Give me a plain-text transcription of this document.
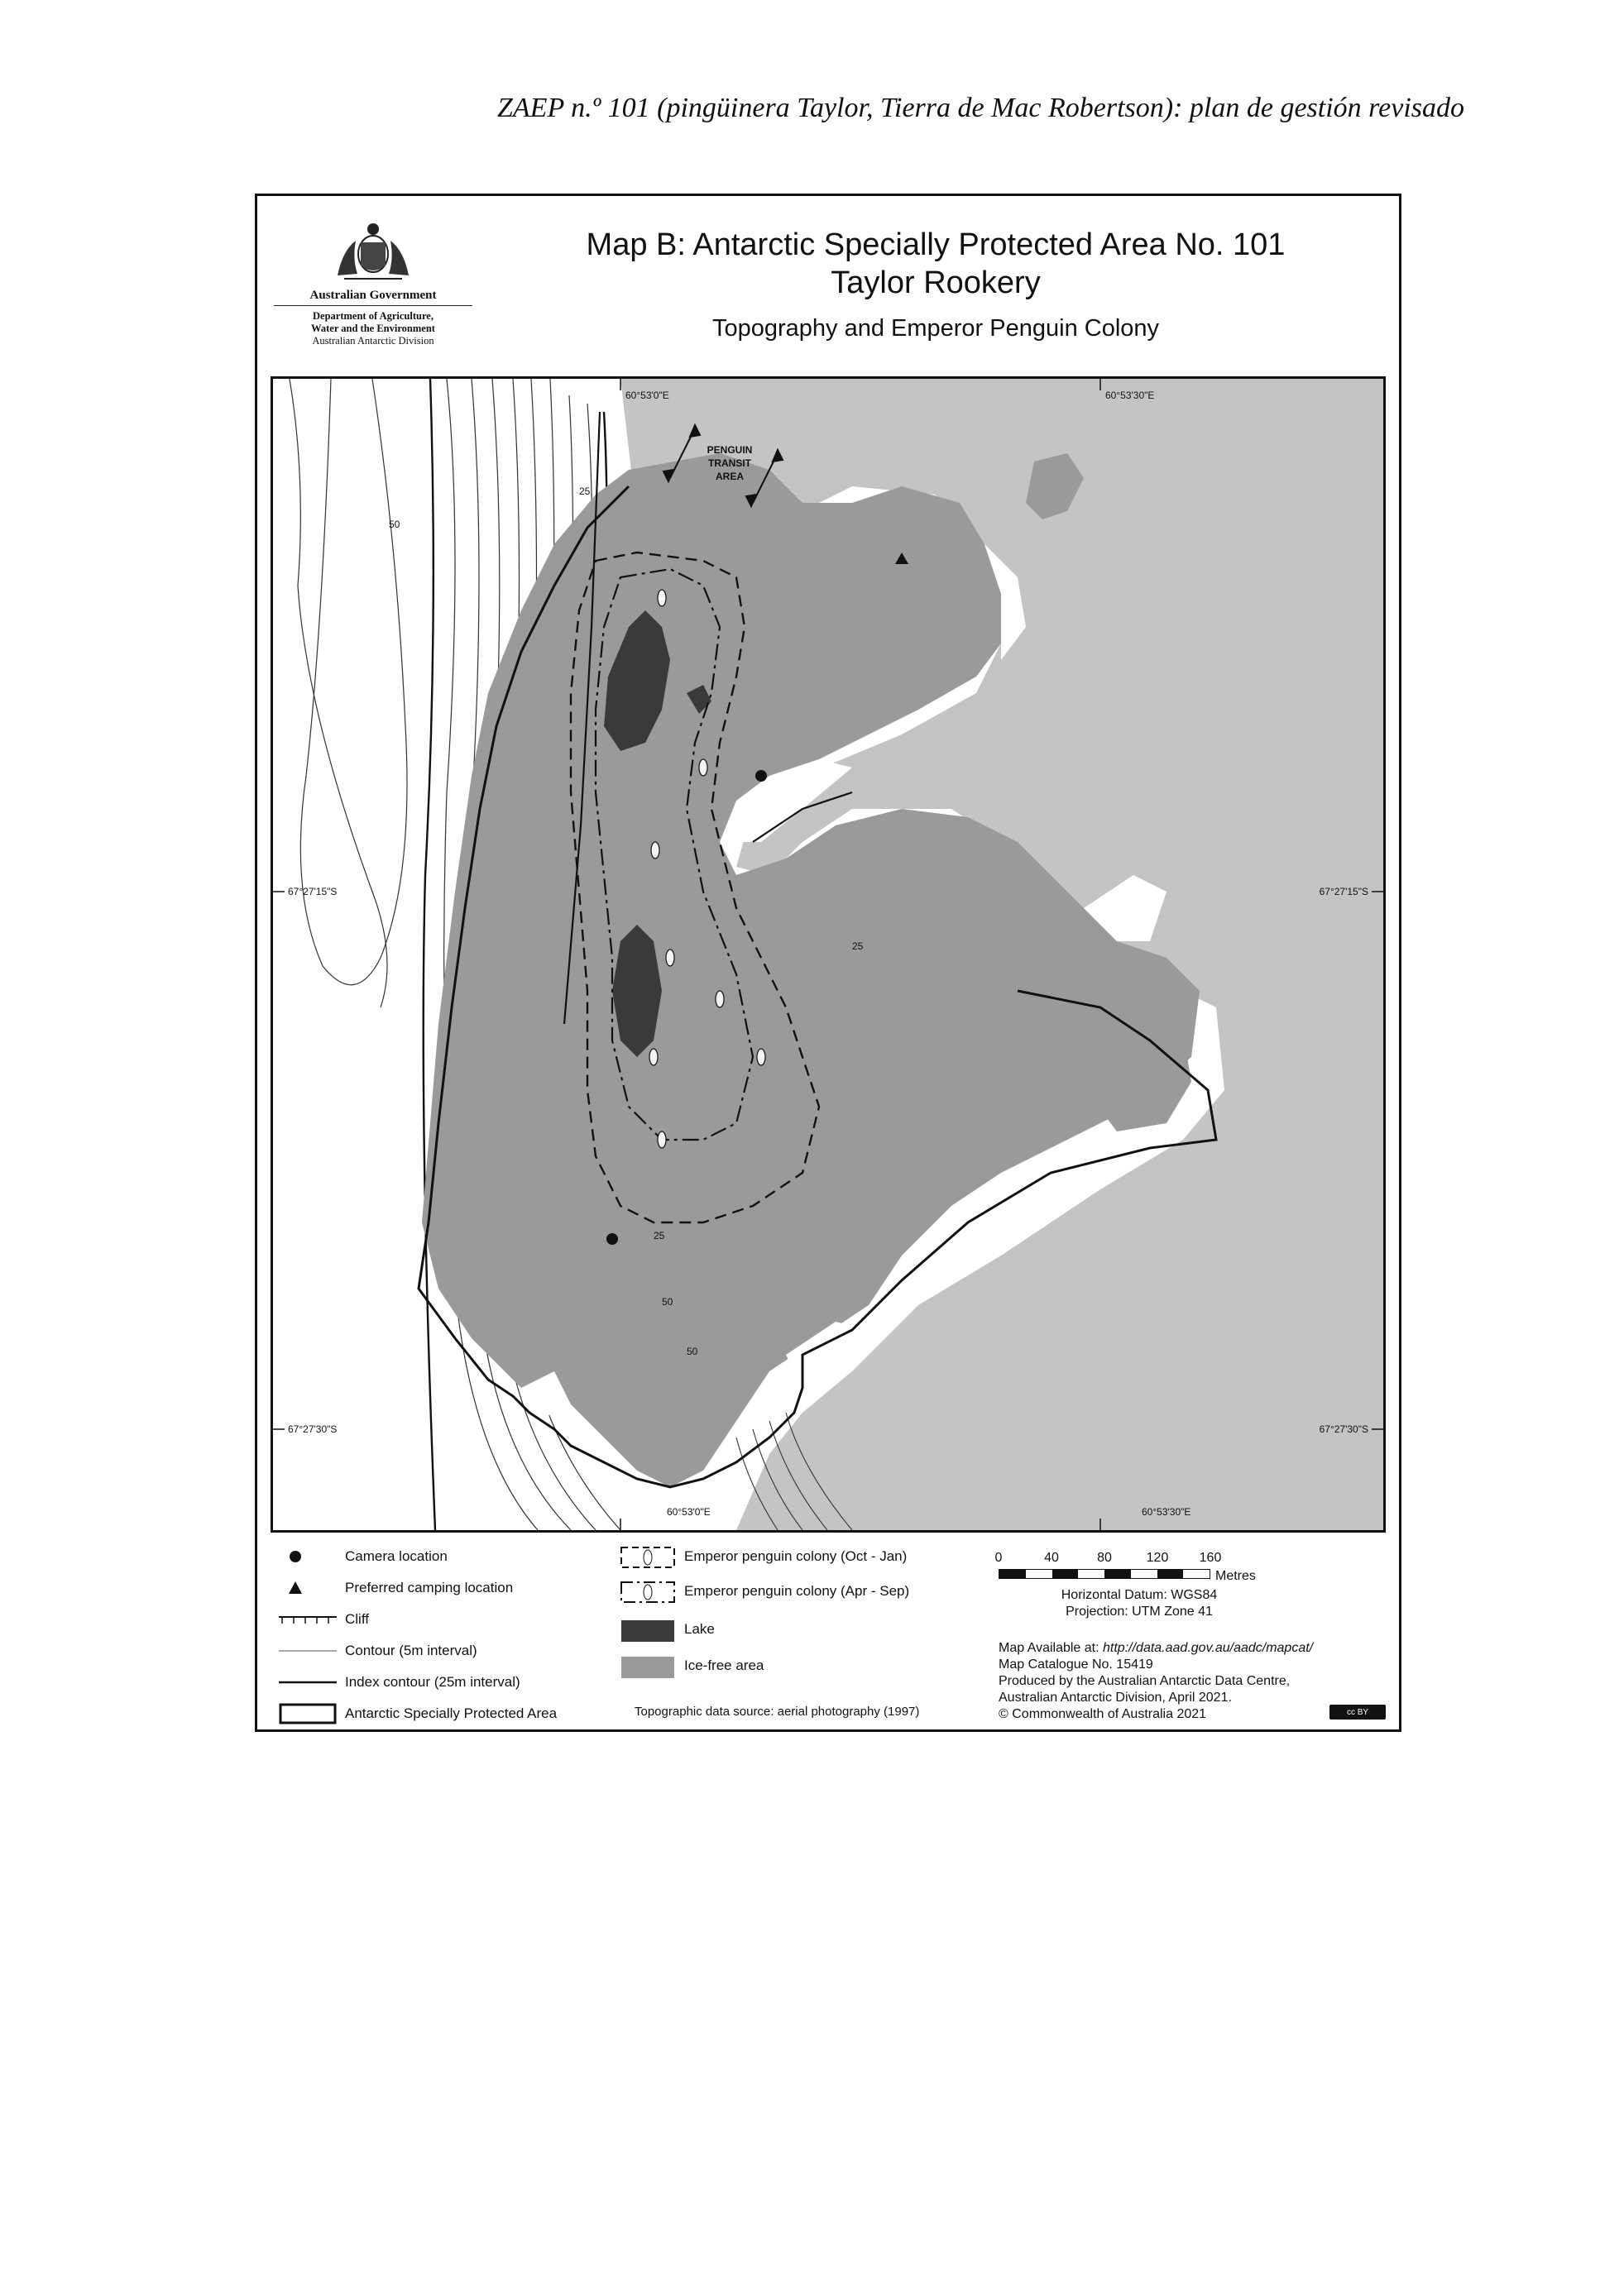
ZAEP n.º 101 (pingüinera Taylor, Tierra de Mac Robertson): plan de gestión revisado
Australian Government
Department of Agriculture,
Water and the Environment
Australian Antarctic Division
Map B: Antarctic Specially Protected Area No. 101
Taylor Rookery
Topography and Emperor Penguin Colony
PENGUIN
TRANSIT
AREA
25
50
25
25
50
50
60°53'0"E	60°53'30"E
60°53'0"E	60°53'30"E
67°27'15"S
67°27'30"S
67°27'15"S
67°27'30"S
Camera location
Preferred camping location
Cliff
Contour (5m interval)
Index contour (25m interval)
Antarctic Specially Protected Area
Emperor penguin colony (Oct - Jan)
Emperor penguin colony (Apr - Sep)
Lake
Ice-free area
Topographic data source: aerial photography (1997)
0	40	80	120 160
Metres
Horizontal Datum: WGS84
Projection: UTM Zone 41
Map Available at: http://data.aad.gov.au/aadc/mapcat/
Map Catalogue No. 15419
Produced by the Australian Antarctic Data Centre,
Australian Antarctic Division, April 2021.
© Commonwealth of Australia 2021	cc BY
